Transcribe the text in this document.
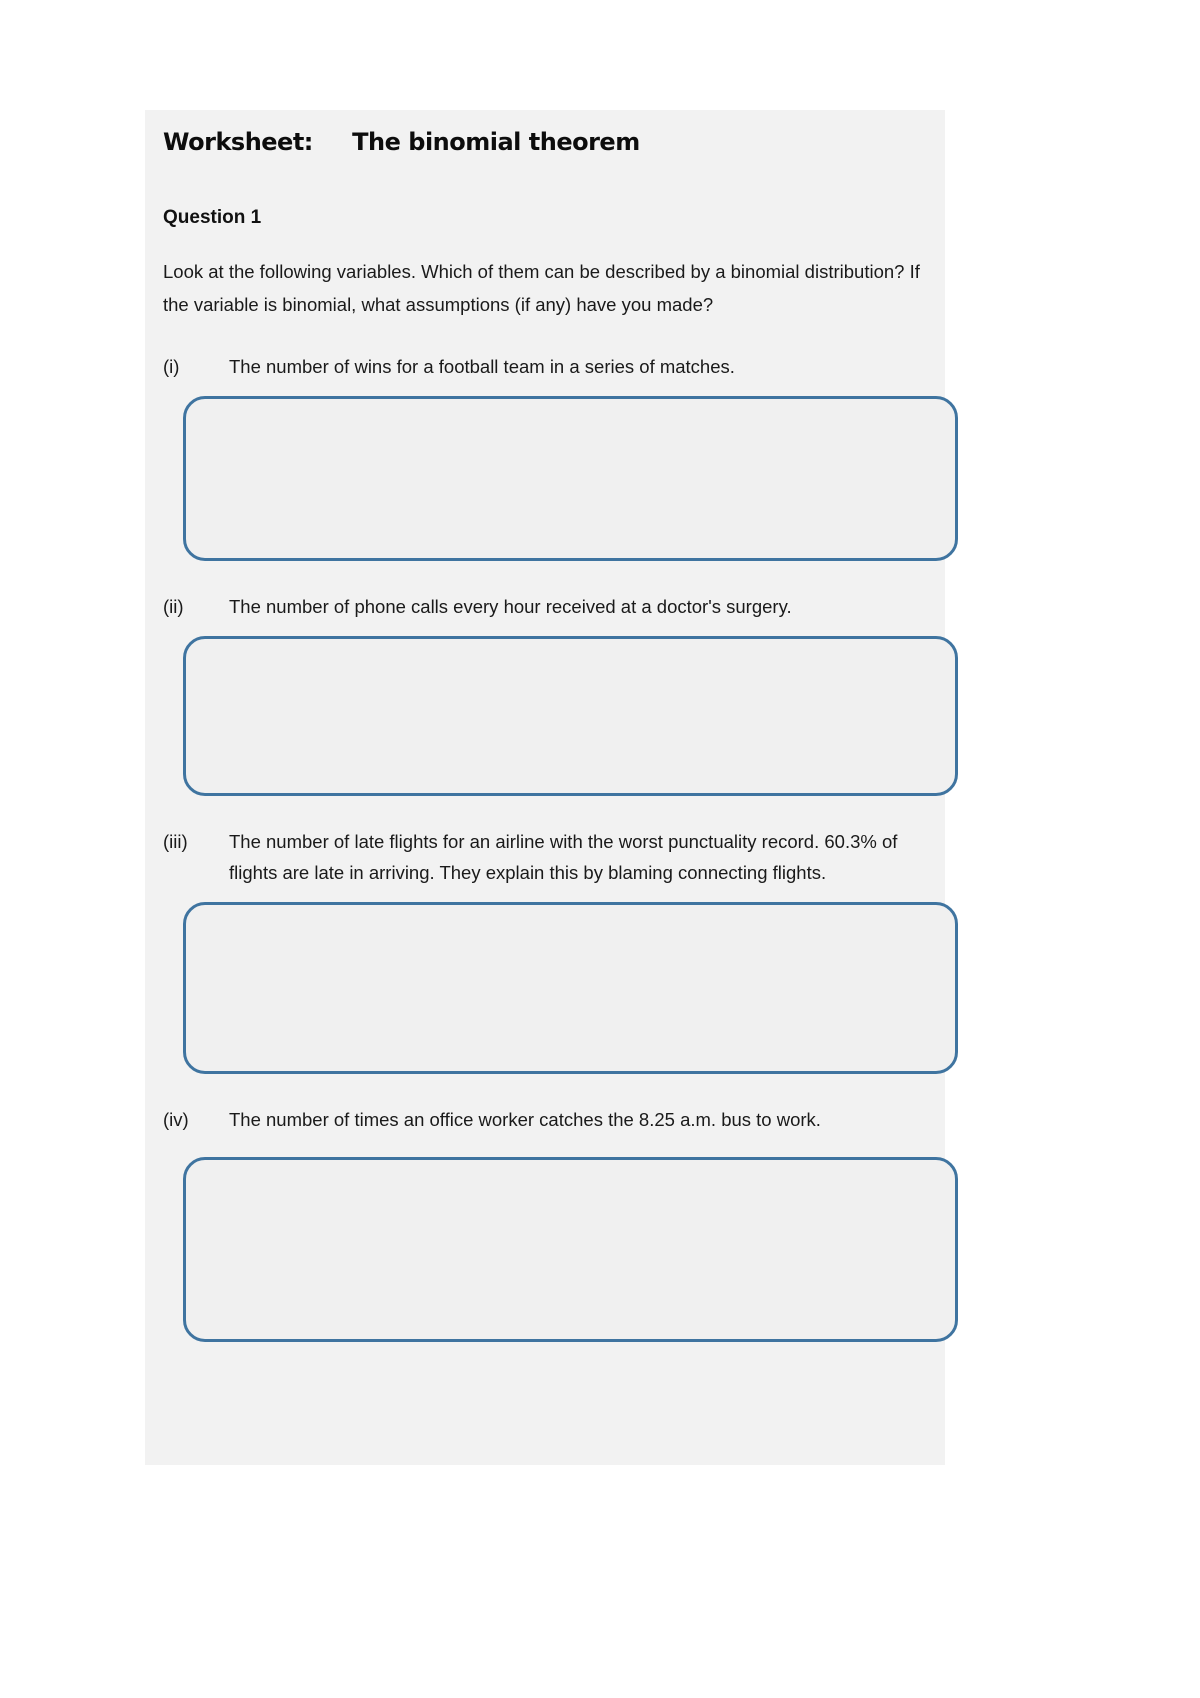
Worksheet:     The binomial theorem
Question 1
Look at the following variables. Which of them can be described by a binomial distribution? If the variable is binomial, what assumptions (if any) have you made?
(i)	The number of wins for a football team in a series of matches.
(ii)	The number of phone calls every hour received at a doctor's surgery.
(iii)	The number of late flights for an airline with the worst punctuality record. 60.3% of flights are late in arriving. They explain this by blaming connecting flights.
(iv)	The number of times an office worker catches the 8.25 a.m. bus to work.
